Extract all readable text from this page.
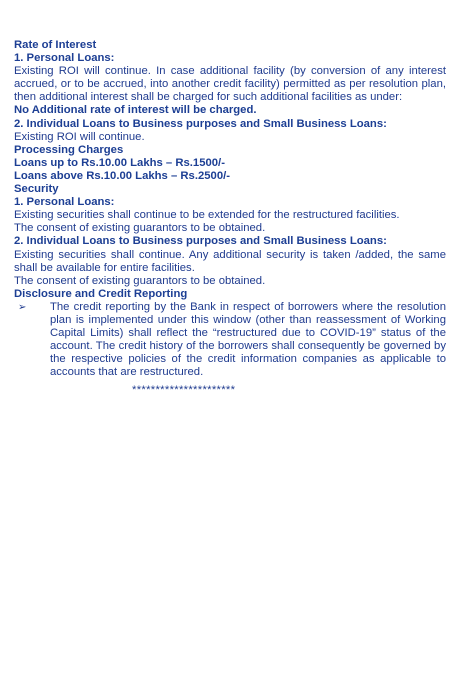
Rate of Interest
1. Personal Loans:
Existing ROI will continue. In case additional facility (by conversion of any interest accrued, or to be accrued, into another credit facility) permitted as per resolution plan, then additional interest shall be charged for such additional facilities as under:
No Additional rate of interest will be charged.
2. Individual Loans to Business purposes and Small Business Loans:
Existing ROI will continue.
Processing Charges
Loans up to Rs.10.00 Lakhs – Rs.1500/-
Loans above Rs.10.00 Lakhs – Rs.2500/-
Security
1. Personal Loans:
Existing securities shall continue to be extended for the restructured facilities.
The consent of existing guarantors to be obtained.
2. Individual Loans to Business purposes and Small Business Loans:
Existing securities shall continue. Any additional security is taken /added, the same shall be available for entire facilities.
The consent of existing guarantors to be obtained.
Disclosure and Credit Reporting
➢ The credit reporting by the Bank in respect of borrowers where the resolution plan is implemented under this window (other than reassessment of Working Capital Limits) shall reflect the “restructured due to COVID-19” status of the account. The credit history of the borrowers shall consequently be governed by the respective policies of the credit information companies as applicable to accounts that are restructured.
**********************
